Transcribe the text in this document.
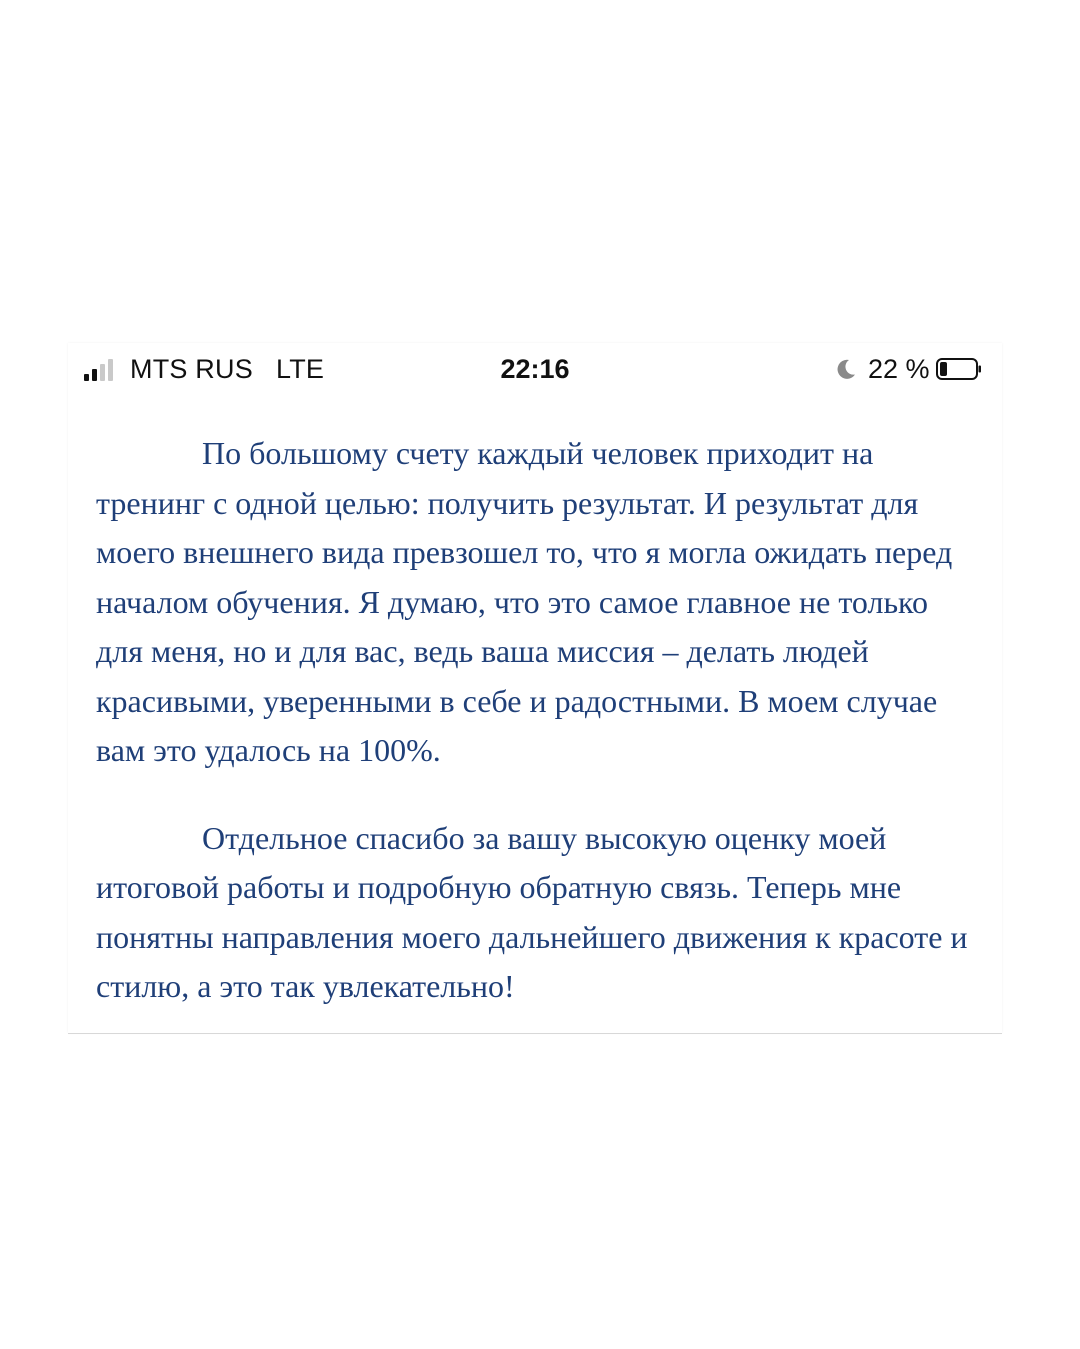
MTS RUS   LTE	22:16	22 %

По большому счету каждый человек приходит на тренинг с одной целью: получить результат. И результат для моего внешнего вида превзошел то, что я могла ожидать перед началом обучения. Я думаю, что это самое главное не только для меня, но и для вас, ведь ваша миссия – делать людей красивыми, уверенными в себе и радостными. В моем случае вам это удалось на 100%.

Отдельное спасибо за вашу высокую оценку моей итоговой работы и подробную обратную связь. Теперь мне понятны направления моего дальнейшего движения к красоте и стилю, а это так увлекательно!
